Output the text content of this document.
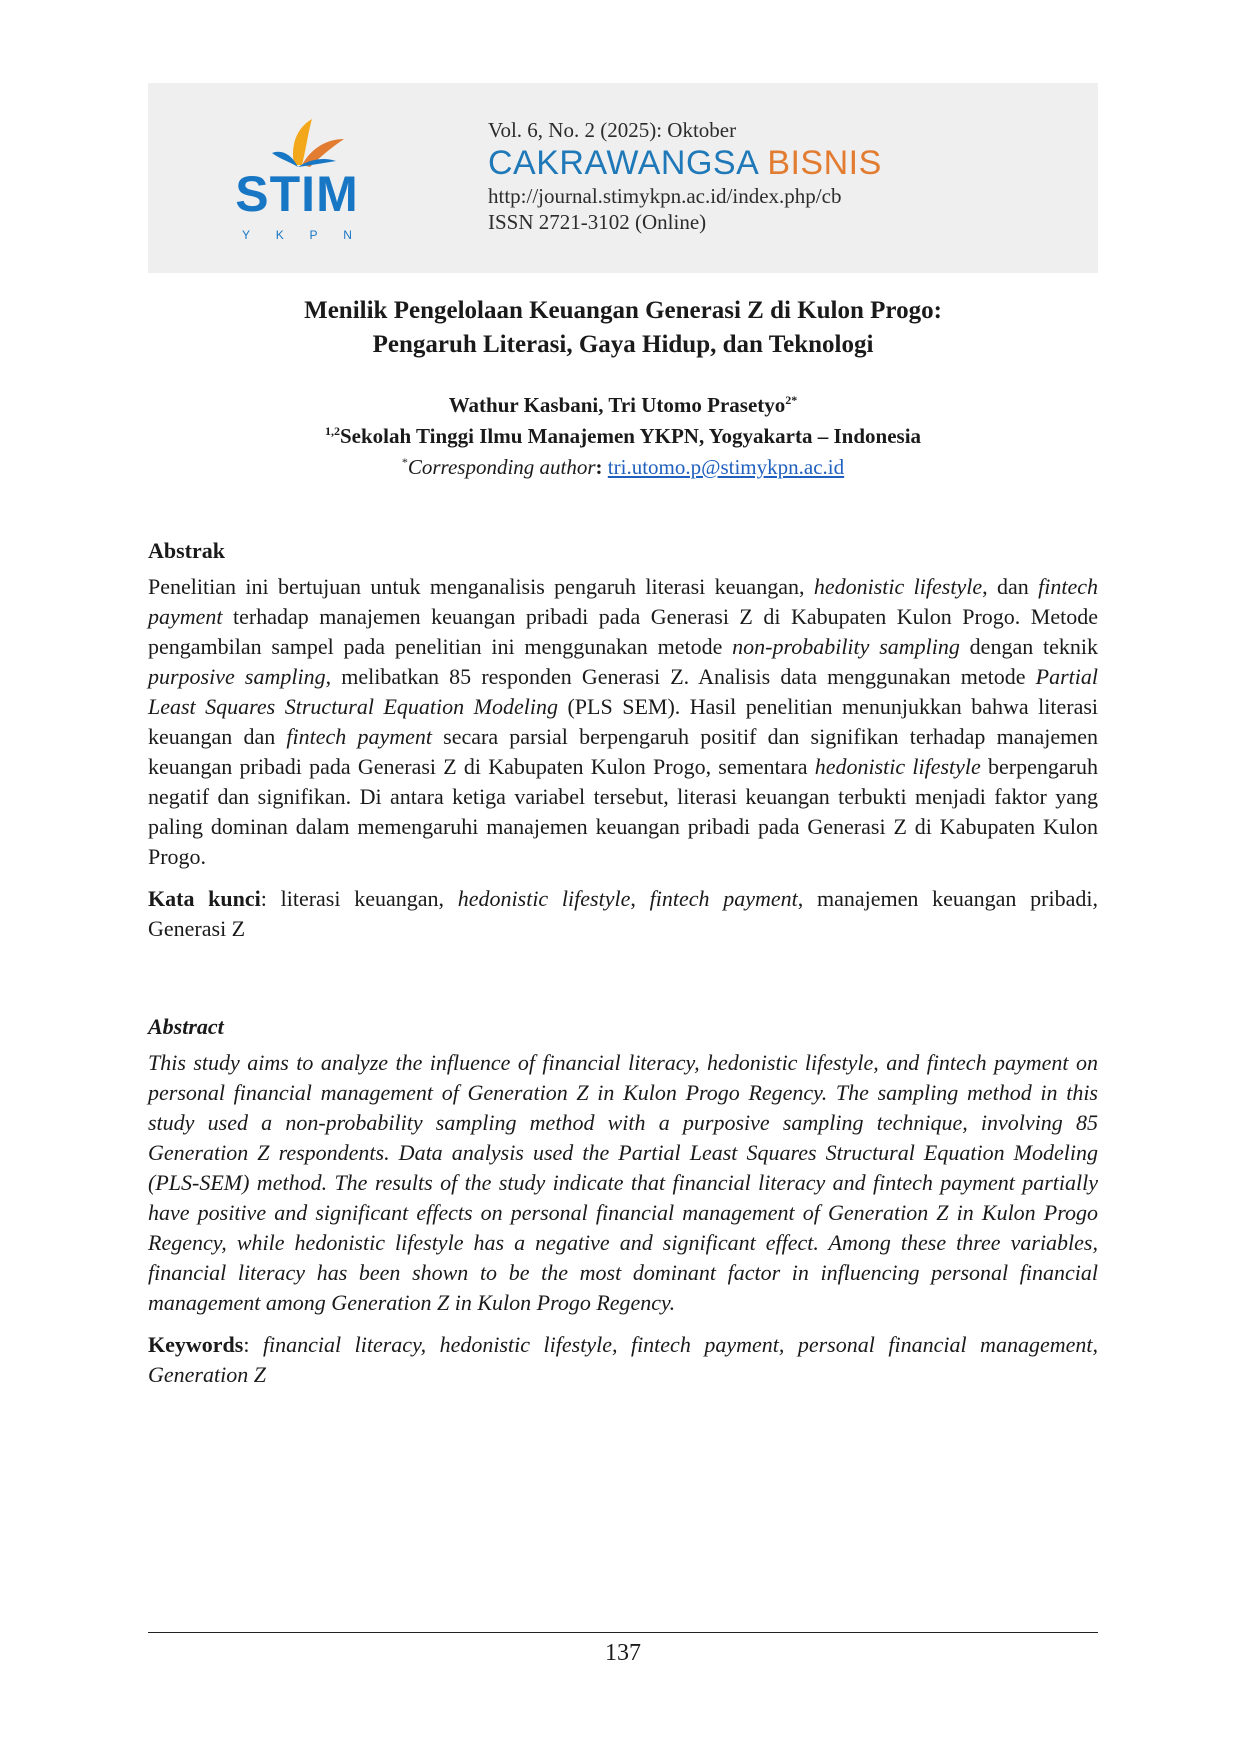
STIM
Y K P N
Vol. 6, No. 2 (2025): Oktober
CAKRAWANGSA BISNIS
http://journal.stimykpn.ac.id/index.php/cb
ISSN 2721-3102 (Online)
Menilik Pengelolaan Keuangan Generasi Z di Kulon Progo:
Pengaruh Literasi, Gaya Hidup, dan Teknologi
Wathur Kasbani, Tri Utomo Prasetyo$^{2*}$
$^{1,2}$Sekolah Tinggi Ilmu Manajemen YKPN, Yogyakarta – Indonesia
*Corresponding author: tri.utomo.p@stimykpn.ac.id
Abstrak

Penelitian ini bertujuan untuk menganalisis pengaruh literasi keuangan, hedonistic lifestyle, dan fintech payment terhadap manajemen keuangan pribadi pada Generasi Z di Kabupaten Kulon Progo. Metode pengambilan sampel pada penelitian ini menggunakan metode non-probability sampling dengan teknik purposive sampling, melibatkan 85 responden Generasi Z. Analisis data menggunakan metode Partial Least Squares Structural Equation Modeling (PLS SEM). Hasil penelitian menunjukkan bahwa literasi keuangan dan fintech payment secara parsial berpengaruh positif dan signifikan terhadap manajemen keuangan pribadi pada Generasi Z di Kabupaten Kulon Progo, sementara hedonistic lifestyle berpengaruh negatif dan signifikan. Di antara ketiga variabel tersebut, literasi keuangan terbukti menjadi faktor yang paling dominan dalam memengaruhi manajemen keuangan pribadi pada Generasi Z di Kabupaten Kulon Progo.

Kata kunci: literasi keuangan, hedonistic lifestyle, fintech payment, manajemen keuangan pribadi, Generasi Z

Abstract

This study aims to analyze the influence of financial literacy, hedonistic lifestyle, and fintech payment on personal financial management of Generation Z in Kulon Progo Regency. The sampling method in this study used a non-probability sampling method with a purposive sampling technique, involving 85 Generation Z respondents. Data analysis used the Partial Least Squares Structural Equation Modeling (PLS-SEM) method. The results of the study indicate that financial literacy and fintech payment partially have positive and significant effects on personal financial management of Generation Z in Kulon Progo Regency, while hedonistic lifestyle has a negative and significant effect. Among these three variables, financial literacy has been shown to be the most dominant factor in influencing personal financial management among Generation Z in Kulon Progo Regency.

Keywords: financial literacy, hedonistic lifestyle, fintech payment, personal financial management, Generation Z

137
